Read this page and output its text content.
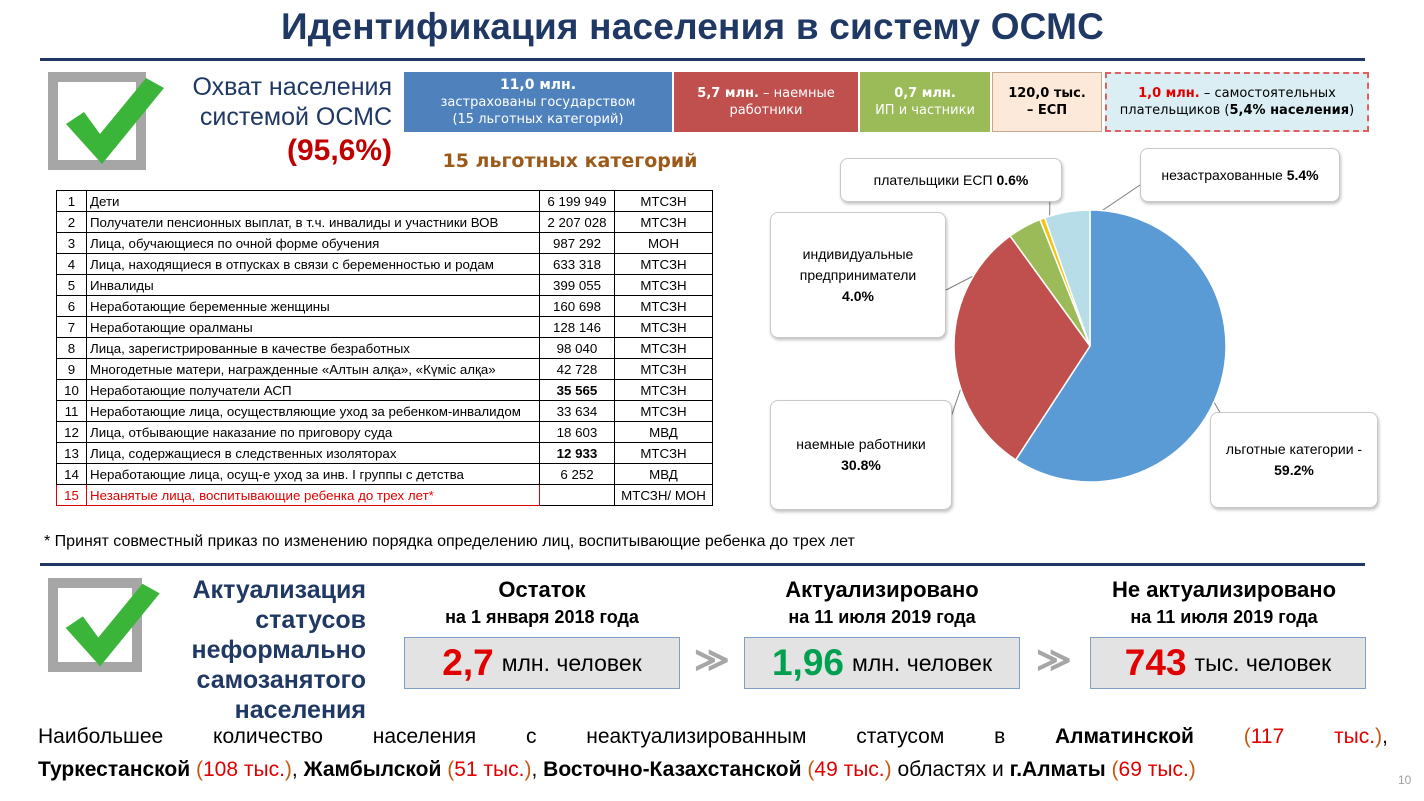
Идентификация населения в систему ОСМС
Охват населения
системой ОСМС
(95,6%)
11,0 млн.
застрахованы государством
(15 льготных категорий)
5,7 млн. – наемные
работники
0,7 млн.
ИП и частники
120,0 тыс.
– ЕСП
1,0 млн. – самостоятельных
плательщиков (5,4% населения)
15 льготных категорий
1	Дети	6 199 949	МТСЗН
2	Получатели пенсионных выплат, в т.ч. инвалиды и участники ВОВ	2 207 028	МТСЗН
3	Лица, обучающиеся по очной форме обучения	987 292	МОН
4	Лица, находящиеся в отпусках в связи с беременностью и родам	633 318	МТСЗН
5	Инвалиды	399 055	МТСЗН
6	Неработающие беременные женщины	160 698	МТСЗН
7	Неработающие оралманы	128 146	МТСЗН
8	Лица, зарегистрированные в качестве безработных	98 040	МТСЗН
9	Многодетные матери, награжденные «Алтын алқа», «Күміс алқа»	42 728	МТСЗН
10	Неработающие получатели АСП	35 565	МТСЗН
11	Неработающие лица, осуществляющие уход за ребенком-инвалидом	33 634	МТСЗН
12	Лица, отбывающие наказание по приговору суда	18 603	МВД
13	Лица, содержащиеся в следственных изоляторах	12 933	МТСЗН
14	Неработающие лица, осущ-е уход за инв. I группы с детства	6 252	МВД
15	Незанятые лица, воспитывающие ребенка до трех лет*		МТСЗН/ МОН
* Принят совместный приказ по изменению порядка определению лиц, воспитывающие ребенка до трех лет
плательщики ЕСП 0.6%	незастрахованные 5.4%
индивидуальные
предприниматели
4.0%
наемные работники
30.8%
льготные категории -
59.2%
Актуализация
статусов
неформально
самозанятого населения
Остаток
на 1 января 2018 года
2,7 млн. человек ≫
Актуализировано
на 11 июля 2019 года
1,96 млн. человек ≫
Не актуализировано
на 11 июля 2019 года
743 тыс. человек
Наибольшее количество населения с неактуализированным статусом в Алматинской (117 тыс.),
Туркестанской (108 тыс.), Жамбылской (51 тыс.), Восточно-Казахстанской (49 тыс.) областях и г.Алматы (69 тыс.)	10
